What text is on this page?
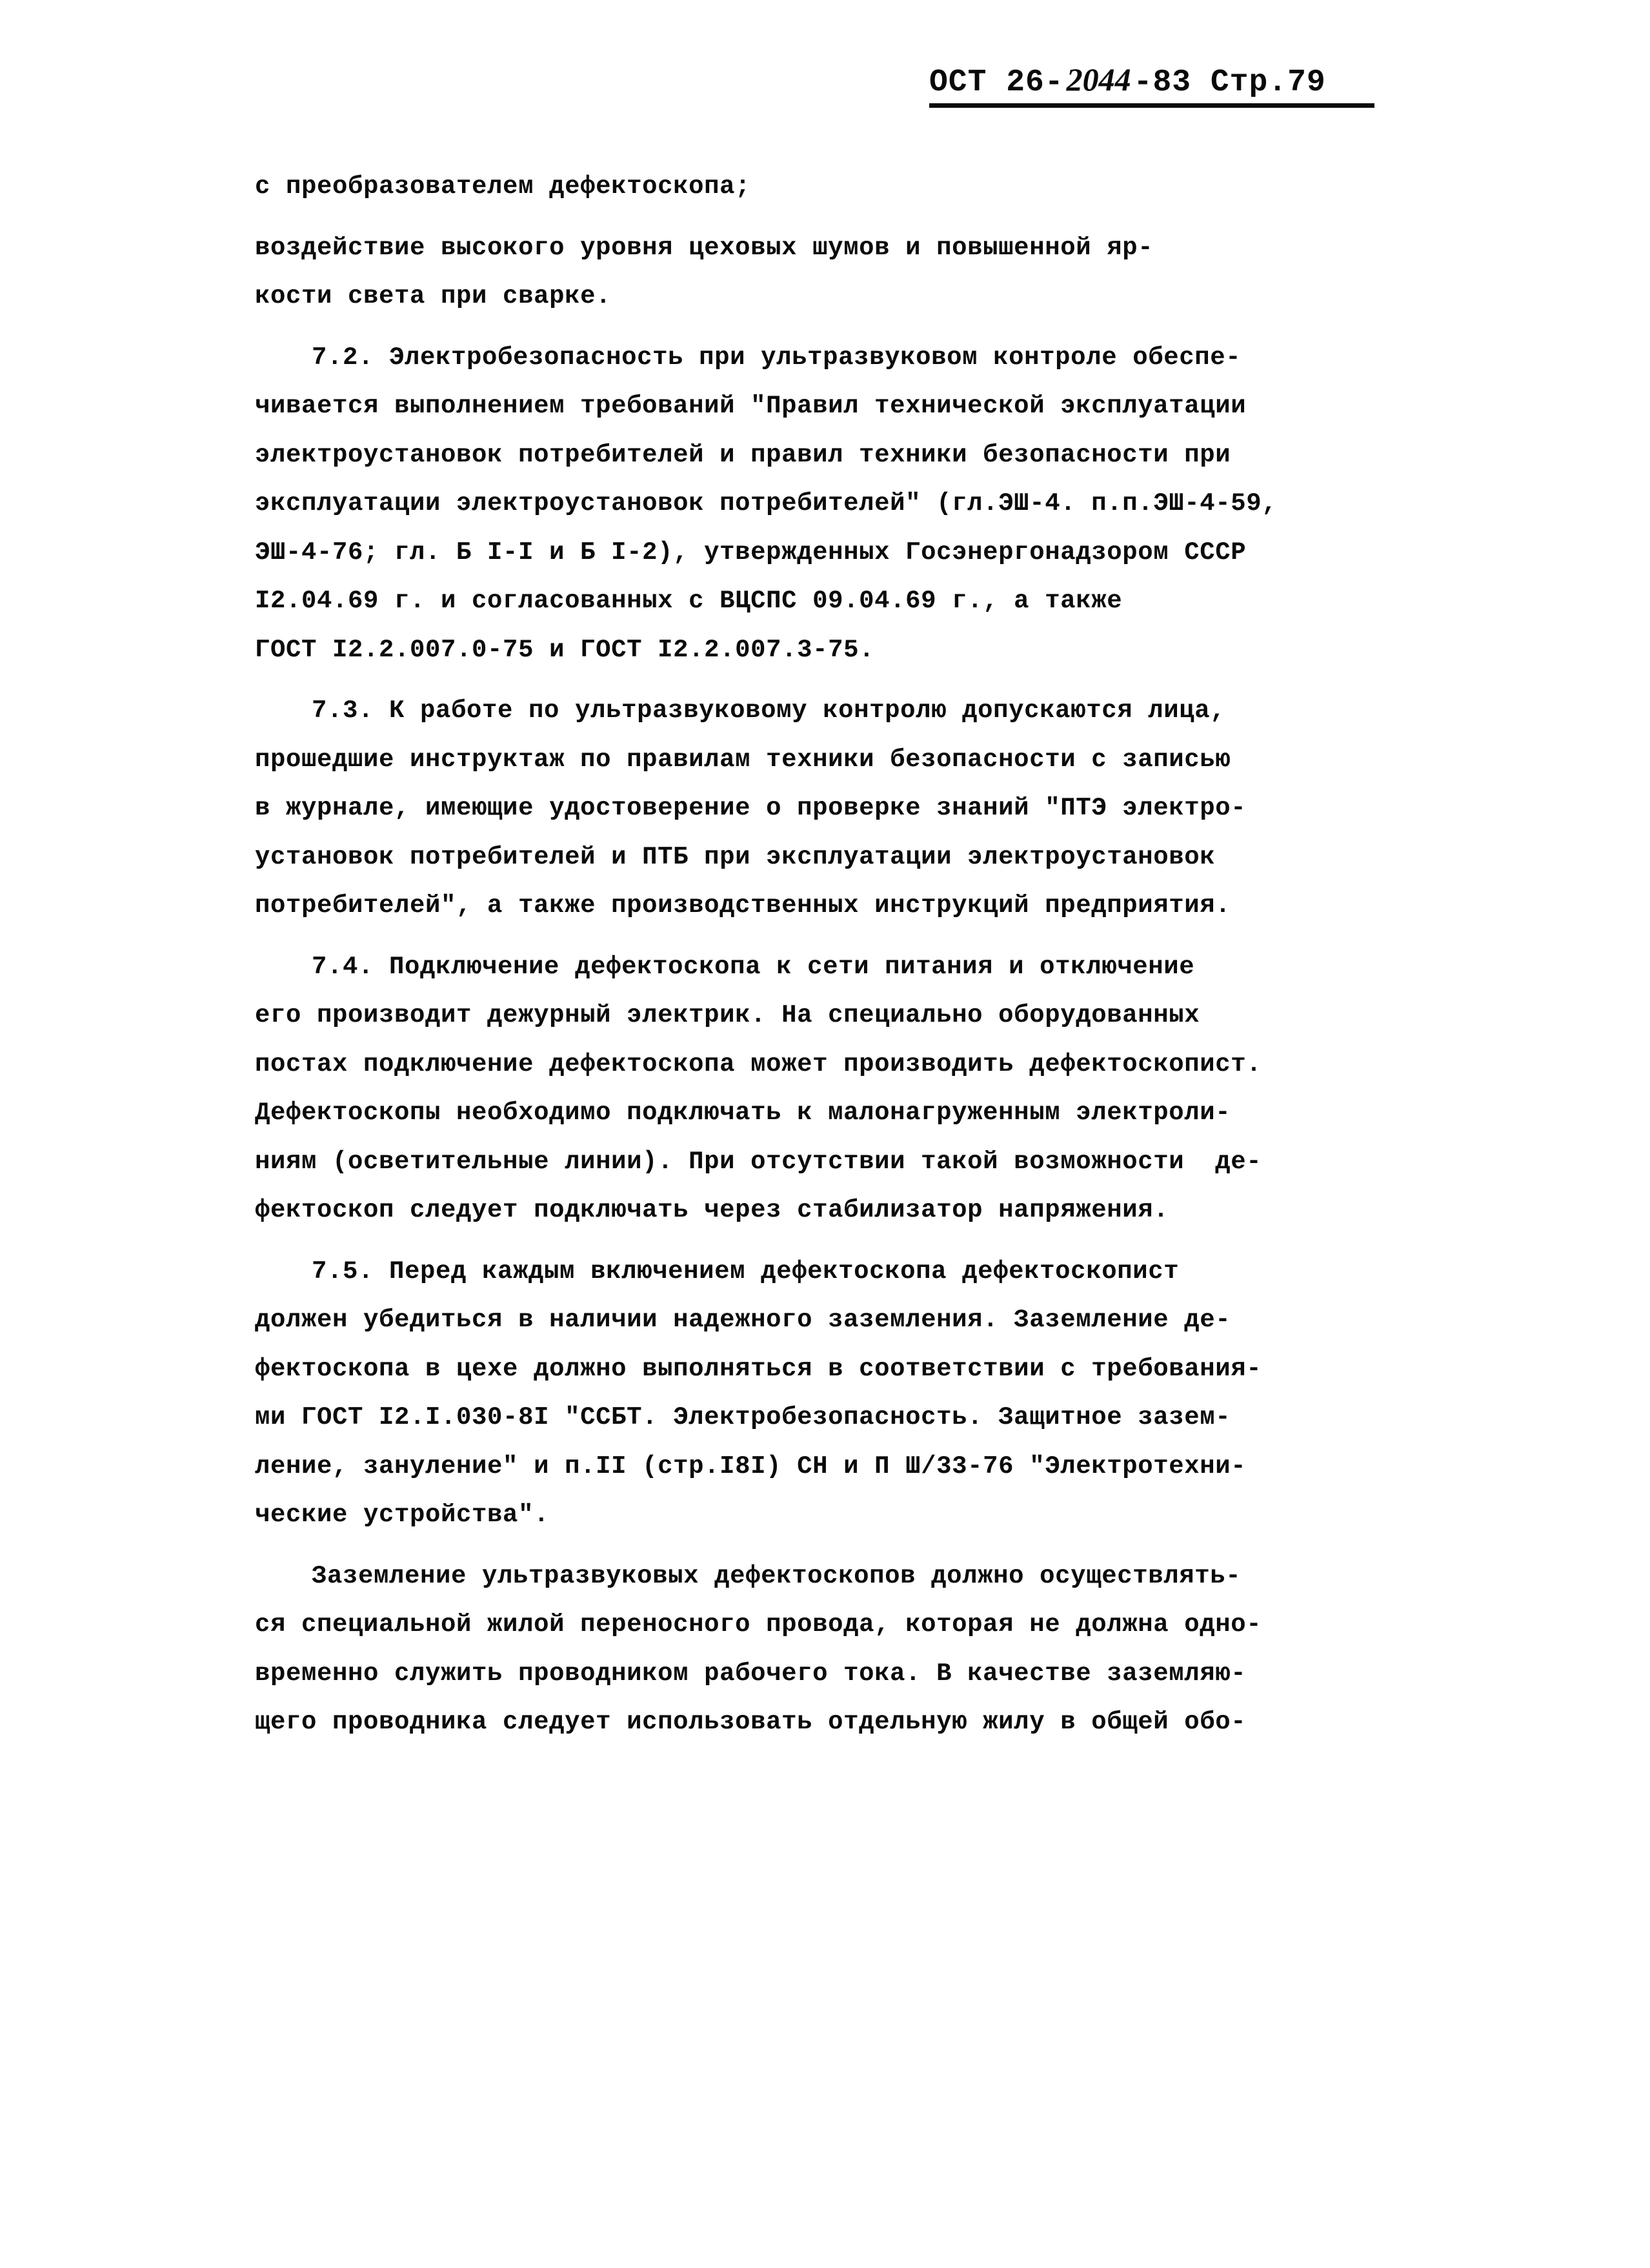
ОСТ 26- 2044 -83
Стр.79
с преобразователем дефектоскопа;
воздействие высокого уровня цеховых шумов и повышенной яр-
кости света при сварке.
7.2. Электробезопасность при ультразвуковом контроле обеспе-
чивается выполнением требований "Правил технической эксплуатации
электроустановок потребителей и правил техники безопасности при
эксплуатации электроустановок потребителей" (гл.ЭШ-4. п.п.ЭШ-4-59,
ЭШ-4-76; гл. Б I-I и Б I-2), утвержденных Госэнергонадзором СССР
I2.04.69 г. и согласованных с ВЦСПС 09.04.69 г., а также
ГОСТ I2.2.007.0-75 и ГОСТ I2.2.007.3-75.
7.3. К работе по ультразвуковому контролю допускаются лица,
прошедшие инструктаж по правилам техники безопасности с записью
в журнале, имеющие удостоверение о проверке знаний "ПТЭ электро-
установок потребителей и ПТБ при эксплуатации электроустановок
потребителей", а также производственных инструкций предприятия.
7.4. Подключение дефектоскопа к сети питания и отключение
его производит дежурный электрик. На специально оборудованных
постах подключение дефектоскопа может производить дефектоскопист.
Дефектоскопы необходимо подключать к малонагруженным электроли-
ниям (осветительные линии). При отсутствии такой возможности  де-
фектоскоп следует подключать через стабилизатор напряжения.
7.5. Перед каждым включением дефектоскопа дефектоскопист
должен убедиться в наличии надежного заземления. Заземление де-
фектоскопа в цехе должно выполняться в соответствии с требования-
ми ГОСТ I2.I.030-8I "ССБТ. Электробезопасность. Защитное зазем-
ление, зануление" и п.II (стр.I8I) СН и П Ш/33-76 "Электротехни-
ческие устройства".
Заземление ультразвуковых дефектоскопов должно осуществлять-
ся специальной жилой переносного провода, которая не должна одно-
временно служить проводником рабочего тока. В качестве заземляю-
щего проводника следует использовать отдельную жилу в общей обо-
